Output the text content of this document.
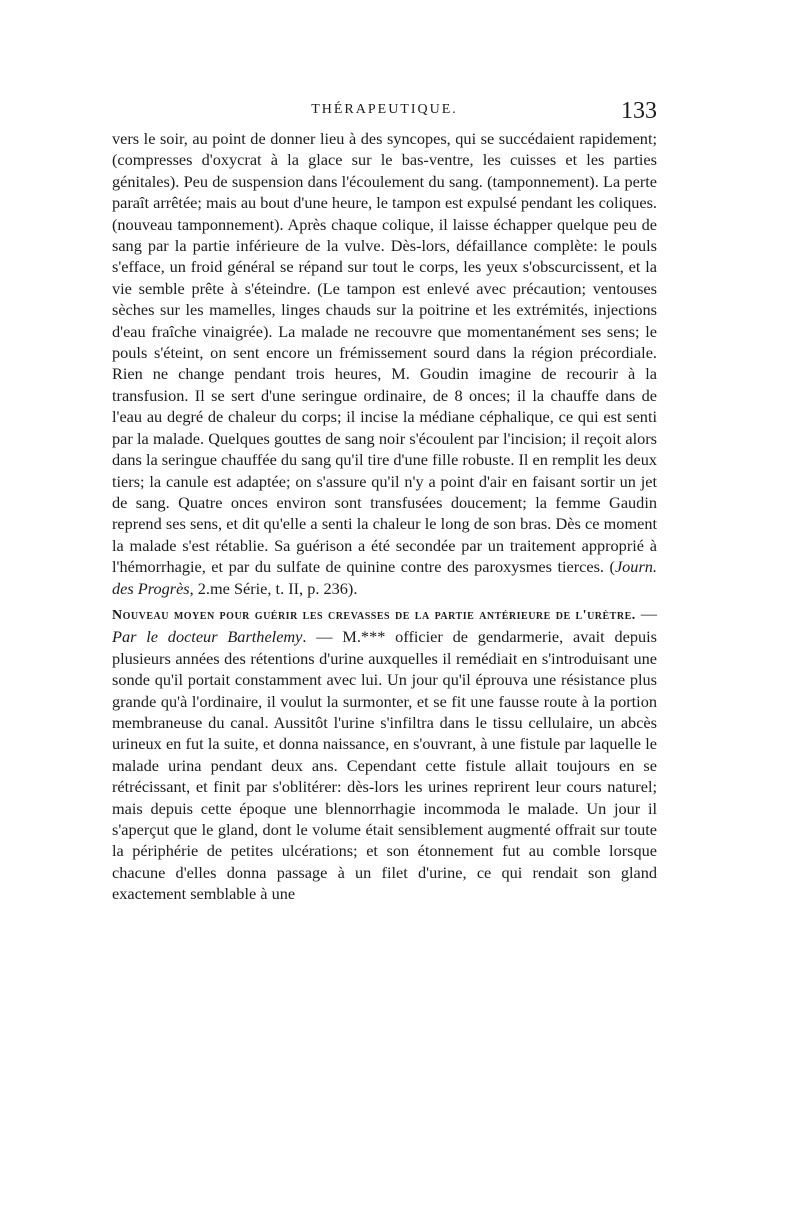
THÉRAPEUTIQUE.	133

vers le soir, au point de donner lieu à des syncopes, qui se succédaient rapidement; (compresses d'oxycrat à la glace sur le bas-ventre, les cuisses et les parties génitales). Peu de suspension dans l'écoulement du sang. (tamponnement). La perte paraît arrêtée; mais au bout d'une heure, le tampon est expulsé pendant les coliques. (nouveau tamponnement). Après chaque colique, il laisse échapper quelque peu de sang par la partie inférieure de la vulve. Dès-lors, défaillance complète: le pouls s'efface, un froid général se répand sur tout le corps, les yeux s'obscurcissent, et la vie semble prête à s'éteindre. (Le tampon est enlevé avec précaution; ventouses sèches sur les mamelles, linges chauds sur la poitrine et les extrémités, injections d'eau fraîche vinaigrée). La malade ne recouvre que momentanément ses sens; le pouls s'éteint, on sent encore un frémissement sourd dans la région précordiale. Rien ne change pendant trois heures, M. Goudin imagine de recourir à la transfusion. Il se sert d'une seringue ordinaire, de 8 onces; il la chauffe dans de l'eau au degré de chaleur du corps; il incise la médiane céphalique, ce qui est senti par la malade. Quelques gouttes de sang noir s'écoulent par l'incision; il reçoit alors dans la seringue chauffée du sang qu'il tire d'une fille robuste. Il en remplit les deux tiers; la canule est adaptée; on s'assure qu'il n'y a point d'air en faisant sortir un jet de sang. Quatre onces environ sont transfusées doucement; la femme Gaudin reprend ses sens, et dit qu'elle a senti la chaleur le long de son bras. Dès ce moment la malade s'est rétablie. Sa guérison a été secondée par un traitement approprié à l'hémorrhagie, et par du sulfate de quinine contre des paroxysmes tierces. (Journ. des Progrès, 2.me Série, t. II, p. 236).

Nouveau moyen pour guérir les crevasses de la partie antérieure de l'urètre. — Par le docteur Barthelemy. — M.*** officier de gendarmerie, avait depuis plusieurs années des rétentions d'urine auxquelles il remédiait en s'introduisant une sonde qu'il portait constamment avec lui. Un jour qu'il éprouva une résistance plus grande qu'à l'ordinaire, il voulut la surmonter, et se fit une fausse route à la portion membraneuse du canal. Aussitôt l'urine s'infiltra dans le tissu cellulaire, un abcès urineux en fut la suite, et donna naissance, en s'ouvrant, à une fistule par laquelle le malade urina pendant deux ans. Cependant cette fistule allait toujours en se rétrécissant, et finit par s'oblitérer: dès-lors les urines reprirent leur cours naturel; mais depuis cette époque une blennorrhagie incommoda le malade. Un jour il s'aperçut que le gland, dont le volume était sensiblement augmenté offrait sur toute la périphérie de petites ulcérations; et son étonnement fut au comble lorsque chacune d'elles donna passage à un filet d'urine, ce qui rendait son gland exactement semblable à une
